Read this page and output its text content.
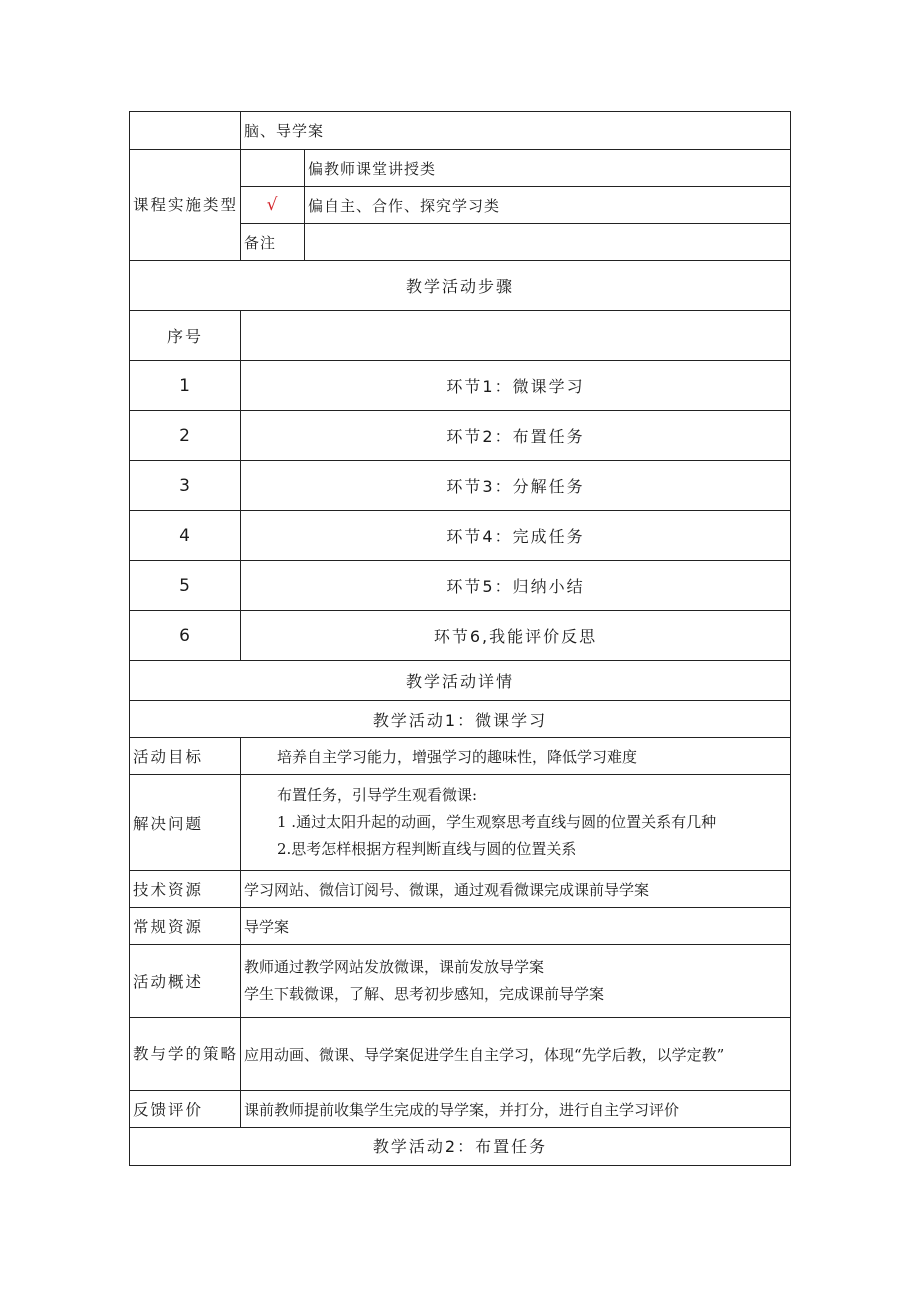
	脑、导学案	
课程实施类型		偏教师课堂讲授类
	√	偏自主、合作、探究学习类
	备注	
教学活动步骤		
序号		
1	环节1：微课学习	
2	环节2：布置任务	
3	环节3：分解任务	
4	环节4：完成任务	
5	环节5：归纳小结	
6	环节6,我能评价反思	
教学活动详情		
教学活动1：微课学习		
活动目标	培养自主学习能力，增强学习的趣味性，降低学习难度	
解决问题	布置任务，引导学生观看微课:
1 .通过太阳升起的动画，学生观察思考直线与圆的位置关系有几种
2.思考怎样根据方程判断直线与圆的位置关系	

技术资源	学习网站、微信订阅号、微课，通过观看微课完成课前导学案	
常规资源	导学案	
活动概述	教师通过教学网站发放微课，课前发放导学案
学生下载微课，了解、思考初步感知，完成课前导学案	

教与学的策略	应用动画、微课、导学案促进学生自主学习，体现“先学后教，以学定教”	
反馈评价	课前教师提前收集学生完成的导学案，并打分，进行自主学习评价	
教学活动2：布置任务		
